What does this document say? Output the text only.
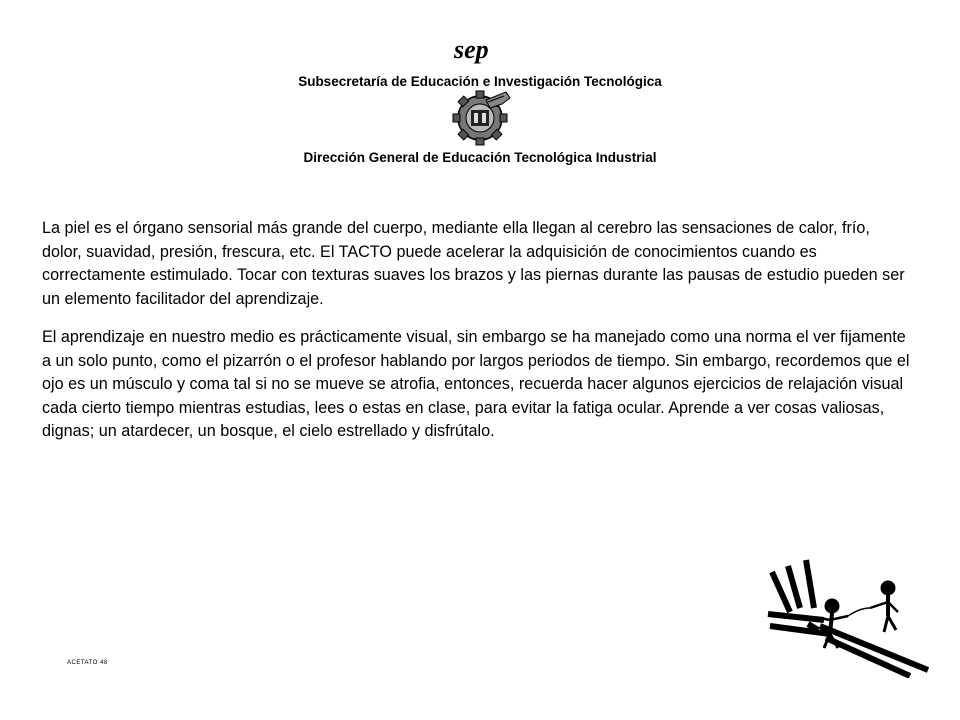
sep
Subsecretaría de Educación e Investigación Tecnológica
Dirección General de Educación Tecnológica Industrial

La piel es el órgano sensorial más grande del cuerpo, mediante ella llegan al cerebro las sensaciones de calor, frío, dolor, suavidad, presión, frescura, etc. El TACTO puede acelerar la adquisición de conocimientos cuando es correctamente estimulado. Tocar con texturas suaves los brazos y las piernas durante las pausas de estudio pueden ser un elemento facilitador del aprendizaje.

El aprendizaje en nuestro medio es prácticamente visual, sin embargo se ha manejado como una norma el ver fijamente a un solo punto, como el pizarrón o el profesor hablando por largos periodos de tiempo. Sin embargo, recordemos que el ojo es un músculo y coma tal si no se mueve se atrofia, entonces, recuerda hacer algunos ejercicios de relajación visual cada cierto tiempo mientras estudias, lees o estas en clase, para evitar la fatiga ocular. Aprende a ver cosas valiosas, dignas; un atardecer, un bosque, el cielo estrellado y disfrútalo.

ACETATO 48
